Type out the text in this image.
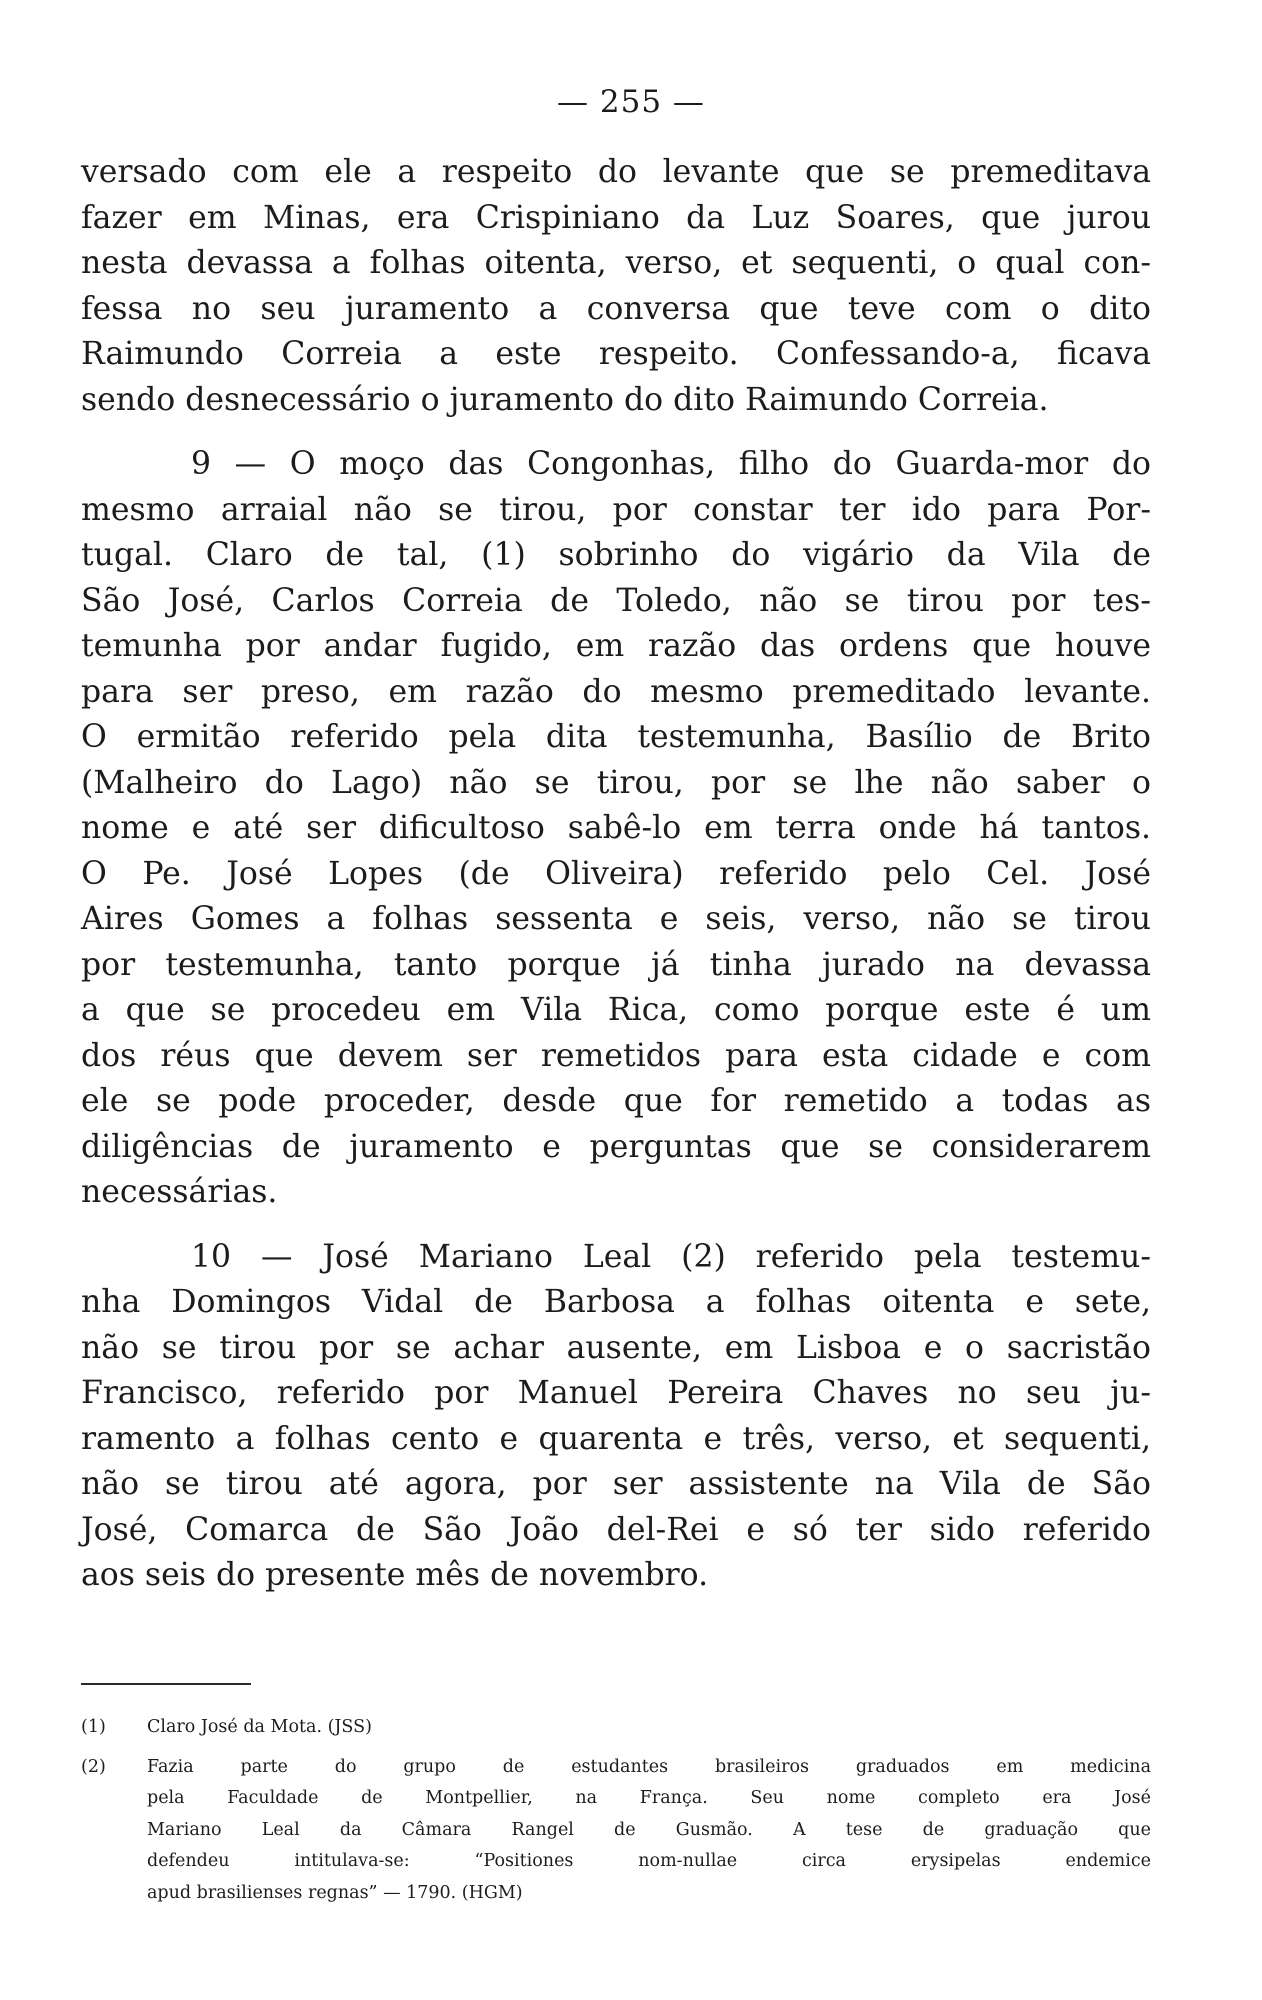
— 255 —
versado com ele a respeito do levante que se premeditava
fazer em Minas, era Crispiniano da Luz Soares, que jurou
nesta devassa a folhas oitenta, verso, et sequenti, o qual con-
fessa no seu juramento a conversa que teve com o dito
Raimundo Correia a este respeito. Confessando-a, ficava
sendo desnecessário o juramento do dito Raimundo Correia.
9 — O moço das Congonhas, filho do Guarda-mor do
mesmo arraial não se tirou, por constar ter ido para Por-
tugal. Claro de tal, (1) sobrinho do vigário da Vila de
São José, Carlos Correia de Toledo, não se tirou por tes-
temunha por andar fugido, em razão das ordens que houve
para ser preso, em razão do mesmo premeditado levante.
O ermitão referido pela dita testemunha, Basílio de Brito
(Malheiro do Lago) não se tirou, por se lhe não saber o
nome e até ser dificultoso sabê-lo em terra onde há tantos.
O Pe. José Lopes (de Oliveira) referido pelo Cel. José
Aires Gomes a folhas sessenta e seis, verso, não se tirou
por testemunha, tanto porque já tinha jurado na devassa
a que se procedeu em Vila Rica, como porque este é um
dos réus que devem ser remetidos para esta cidade e com
ele se pode proceder, desde que for remetido a todas as
diligências de juramento e perguntas que se considerarem
necessárias.
10 — José Mariano Leal (2) referido pela testemu-
nha Domingos Vidal de Barbosa a folhas oitenta e sete,
não se tirou por se achar ausente, em Lisboa e o sacristão
Francisco, referido por Manuel Pereira Chaves no seu ju-
ramento a folhas cento e quarenta e três, verso, et sequenti,
não se tirou até agora, por ser assistente na Vila de São
José, Comarca de São João del-Rei e só ter sido referido
aos seis do presente mês de novembro.
(1)	Claro José da Mota. (JSS)
(2)	Fazia parte do grupo de estudantes brasileiros graduados em medicina
pela Faculdade de Montpellier, na França. Seu nome completo era José
Mariano Leal da Câmara Rangel de Gusmão. A tese de graduação que
defendeu intitulava-se: “Positiones nom-nullae circa erysipelas endemice
apud brasilienses regnas” — 1790. (HGM)
